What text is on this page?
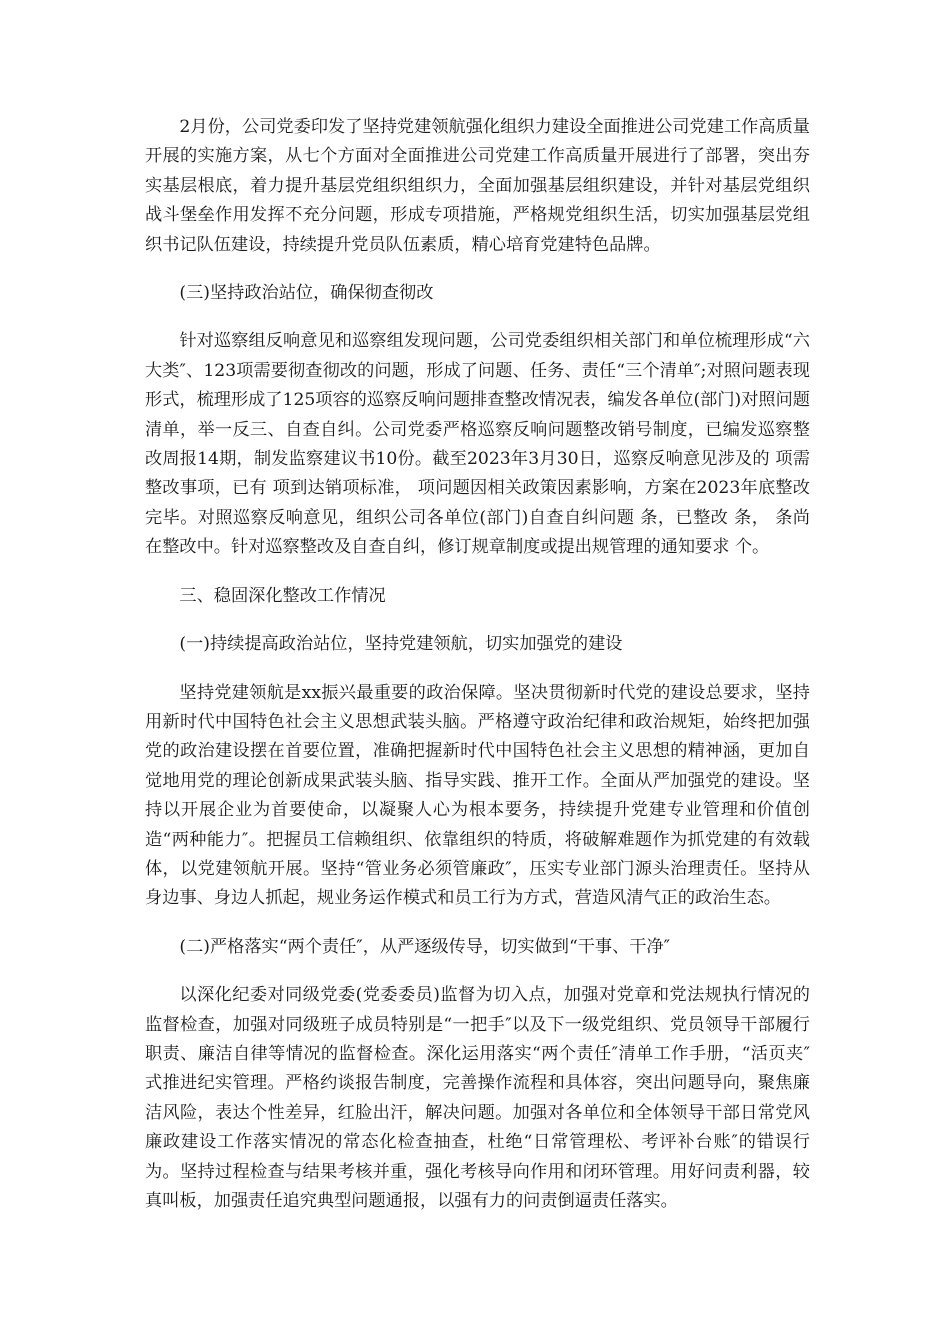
2月份，公司党委印发了坚持党建领航强化组织力建设全面推进公司党建工作高质量开展的实施方案，从七个方面对全面推进公司党建工作高质量开展进行了部署，突出夯实基层根底，着力提升基层党组织组织力，全面加强基层组织建设，并针对基层党组织战斗堡垒作用发挥不充分问题，形成专项措施，严格规党组织生活，切实加强基层党组织书记队伍建设，持续提升党员队伍素质，精心培育党建特色品牌。

(三)坚持政治站位，确保彻查彻改

针对巡察组反响意见和巡察组发现问题，公司党委组织相关部门和单位梳理形成“六大类″、123项需要彻查彻改的问题，形成了问题、任务、责任“三个清单″;对照问题表现形式，梳理形成了125项容的巡察反响问题排查整改情况表，编发各单位(部门)对照问题清单，举一反三、自查自纠。公司党委严格巡察反响问题整改销号制度，已编发巡察整改周报14期，制发监察建议书10份。截至2023年3月30日，巡察反响意见涉及的 项需整改事项，已有 项到达销项标准， 项问题因相关政策因素影响，方案在2023年底整改完毕。对照巡察反响意见，组织公司各单位(部门)自查自纠问题 条，已整改 条， 条尚在整改中。针对巡察整改及自查自纠，修订规章制度或提出规管理的通知要求 个。

三、稳固深化整改工作情况

(一)持续提高政治站位，坚持党建领航，切实加强党的建设

坚持党建领航是xx振兴最重要的政治保障。坚决贯彻新时代党的建设总要求，坚持用新时代中国特色社会主义思想武装头脑。严格遵守政治纪律和政治规矩，始终把加强党的政治建设摆在首要位置，准确把握新时代中国特色社会主义思想的精神涵，更加自觉地用党的理论创新成果武装头脑、指导实践、推开工作。全面从严加强党的建设。坚持以开展企业为首要使命，以凝聚人心为根本要务，持续提升党建专业管理和价值创造“两种能力″。把握员工信赖组织、依靠组织的特质，将破解难题作为抓党建的有效载体，以党建领航开展。坚持“管业务必须管廉政″，压实专业部门源头治理责任。坚持从身边事、身边人抓起，规业务运作模式和员工行为方式，营造风清气正的政治生态。

(二)严格落实“两个责任″，从严逐级传导，切实做到“干事、干净″

以深化纪委对同级党委(党委委员)监督为切入点，加强对党章和党法规执行情况的监督检查，加强对同级班子成员特别是“一把手″以及下一级党组织、党员领导干部履行职责、廉洁自律等情况的监督检查。深化运用落实“两个责任″清单工作手册，“活页夹″式推进纪实管理。严格约谈报告制度，完善操作流程和具体容，突出问题导向，聚焦廉洁风险，表达个性差异，红脸出汗，解决问题。加强对各单位和全体领导干部日常党风廉政建设工作落实情况的常态化检查抽查，杜绝“日常管理松、考评补台账″的错误行为。坚持过程检查与结果考核并重，强化考核导向作用和闭环管理。用好问责利器，较真叫板，加强责任追究典型问题通报，以强有力的问责倒逼责任落实。
